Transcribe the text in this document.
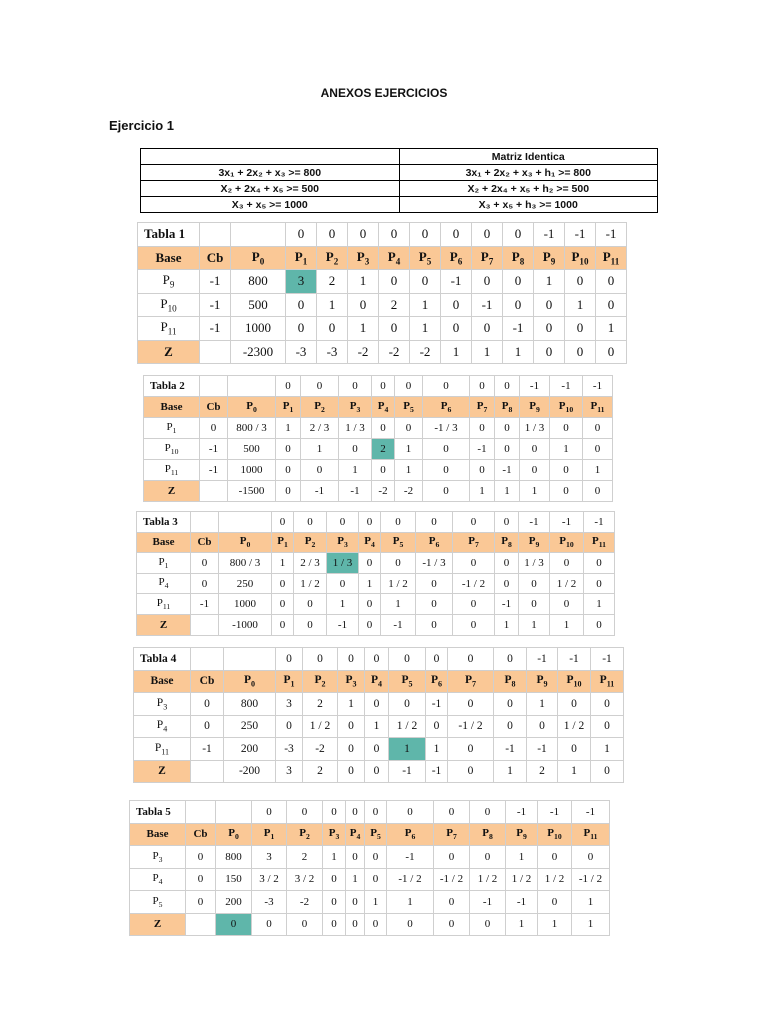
ANEXOS EJERCICIOS
Ejercicio 1
	Matriz Identica
3x₁ + 2x₂ + x₃ >= 800	3x₁ + 2x₂ + x₃ + h₁ >= 800
X₂ + 2x₄ + x₅ >= 500	X₂ + 2x₄ + x₅ + h₂ >= 500
X₃ + x₅ >= 1000	X₃ + x₅ + h₃ >= 1000
Tabla 1			0	0	0	0	0	0	0	0	-1	-1	-1
Base	Cb	$P_0$	$P_1$	$P_2$	$P_3$	$P_4$	$P_5$	$P_6$	$P_7$	$P_8$	$P_9$	$P_{10}$	$P_{11}$
$P_9$	-1	800	3	2	1	0	0	-1	0	0	1	0	0
$P_{10}$	-1	500	0	1	0	2	1	0	-1	0	0	1	0
$P_{11}$	-1	1000	0	0	1	0	1	0	0	-1	0	0	1
Z		-2300	-3	-3	-2	-2	-2	1	1	1	0	0	0
Tabla 2			0	0	0	0	0	0	0	0	-1	-1	-1
Base	Cb	$P_0$	$P_1$	$P_2$	$P_3$	$P_4$	$P_5$	$P_6$	$P_7$	$P_8$	$P_9$	$P_{10}$	$P_{11}$
$P_1$	0	800 / 3	1	2 / 3	1 / 3	0	0	-1 / 3	0	0	1 / 3	0	0
$P_{10}$	-1	500	0	1	0	2	1	0	-1	0	0	1	0
$P_{11}$	-1	1000	0	0	1	0	1	0	0	-1	0	0	1
Z		-1500	0	-1	-1	-2	-2	0	1	1	1	0	0
Tabla 3			0	0	0	0	0	0	0	0	-1	-1	-1
Base	Cb	$P_0$	$P_1$	$P_2$	$P_3$	$P_4$	$P_5$	$P_6$	$P_7$	$P_8$	$P_9$	$P_{10}$	$P_{11}$
$P_1$	0	800 / 3	1	2 / 3	1 / 3	0	0	-1 / 3	0	0	1 / 3	0	0
$P_4$	0	250	0	1 / 2	0	1	1 / 2	0	-1 / 2	0	0	1 / 2	0
$P_{11}$	-1	1000	0	0	1	0	1	0	0	-1	0	0	1
Z		-1000	0	0	-1	0	-1	0	0	1	1	1	0
Tabla 4			0	0	0	0	0	0	0	0	-1	-1	-1
Base	Cb	$P_0$	$P_1$	$P_2$	$P_3$	$P_4$	$P_5$	$P_6$	$P_7$	$P_8$	$P_9$	$P_{10}$	$P_{11}$
$P_3$	0	800	3	2	1	0	0	-1	0	0	1	0	0
$P_4$	0	250	0	1 / 2	0	1	1 / 2	0	-1 / 2	0	0	1 / 2	0
$P_{11}$	-1	200	-3	-2	0	0	1	1	0	-1	-1	0	1
Z		-200	3	2	0	0	-1	-1	0	1	2	1	0
Tabla 5			0	0	0	0	0	0	0	0	-1	-1	-1
Base	Cb	$P_0$	$P_1$	$P_2$	$P_3$	$P_4$	$P_5$	$P_6$	$P_7$	$P_8$	$P_9$	$P_{10}$	$P_{11}$
$P_3$	0	800	3	2	1	0	0	-1	0	0	1	0	0
$P_4$	0	150	3 / 2	3 / 2	0	1	0	-1 / 2	-1 / 2	1 / 2	1 / 2	1 / 2	-1 / 2
$P_5$	0	200	-3	-2	0	0	1	1	0	-1	-1	0	1
Z		0	0	0	0	0	0	0	0	0	1	1	1
